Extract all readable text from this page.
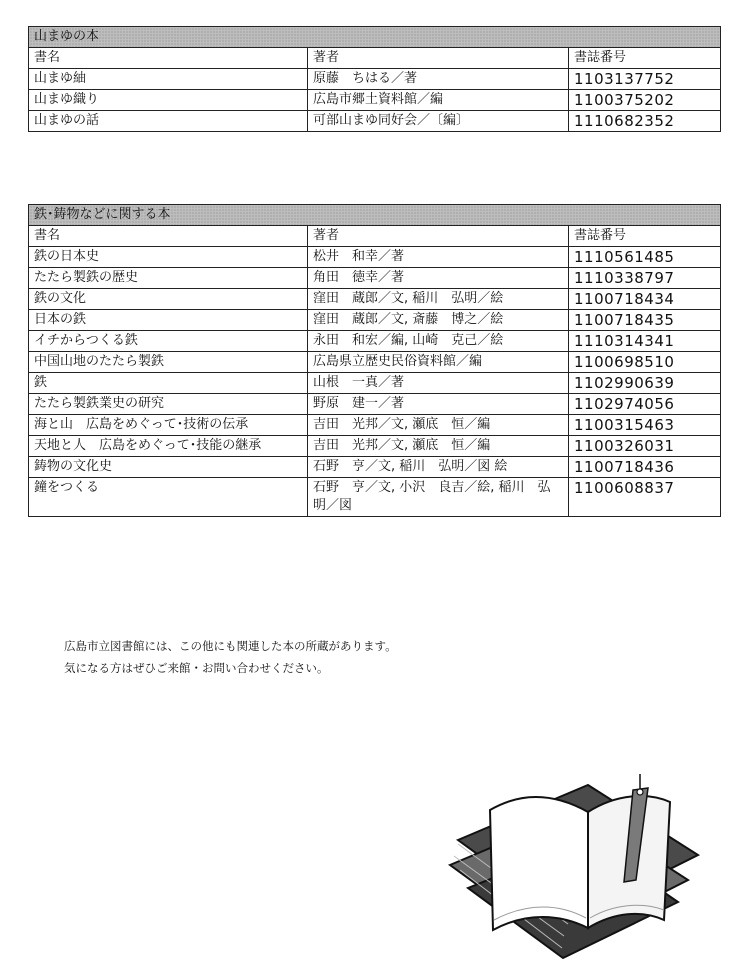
山まゆの本		
書名	著者	書誌番号
山まゆ紬	原藤　ちはる／著	1103137752
山まゆ織り	広島市郷土資料館／編	1100375202
山まゆの話	可部山まゆ同好会／〔編〕	1110682352
鉄･鋳物などに関する本		
書名	著者	書誌番号
鉄の日本史	松井　和幸／著	1110561485
たたら製鉄の歴史	角田　徳幸／著	1110338797
鉄の文化	窪田　蔵郎／文, 稲川　弘明／絵	1100718434
日本の鉄	窪田　蔵郎／文, 斎藤　博之／絵	1100718435
イチからつくる鉄	永田　和宏／編, 山崎　克己／絵	1110314341
中国山地のたたら製鉄	広島県立歴史民俗資料館／編	1100698510
鉄	山根　一真／著	1102990639
たたら製鉄業史の研究	野原　建一／著	1102974056
海と山　広島をめぐって･技術の伝承	吉田　光邦／文, 瀬底　恒／編	1100315463
天地と人　広島をめぐって･技能の継承	吉田　光邦／文, 瀬底　恒／編	1100326031
鋳物の文化史	石野　亨／文, 稲川　弘明／図 絵	1100718436
鐘をつくる	石野　亨／文, 小沢　良吉／絵, 稲川　弘明／図	1100608837
広島市立図書館には、この他にも関連した本の所蔵があります。
気になる方はぜひご来館・お問い合わせください。
